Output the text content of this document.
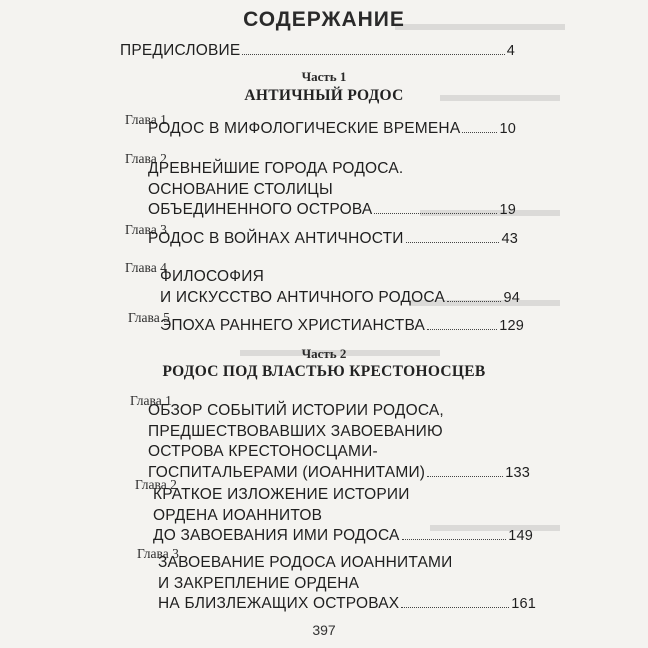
СОДЕРЖАНИЕ
ПРЕДИСЛОВИЕ	4
Часть 1
АНТИЧНЫЙ РОДОС
Глава 1
РОДОС В МИФОЛОГИЧЕСКИЕ ВРЕМЕНА	10
Глава 2
ДРЕВНЕЙШИЕ ГОРОДА РОДОСА.
ОСНОВАНИЕ СТОЛИЦЫ
ОБЪЕДИНЕННОГО ОСТРОВА	19
Глава 3
РОДОС В ВОЙНАХ АНТИЧНОСТИ	43
Глава 4
ФИЛОСОФИЯ
И ИСКУССТВО АНТИЧНОГО РОДОСА	94
Глава 5
ЭПОХА РАННЕГО ХРИСТИАНСТВА	129
Часть 2
РОДОС ПОД ВЛАСТЬЮ КРЕСТОНОСЦЕВ
Глава 1
ОБЗОР СОБЫТИЙ ИСТОРИИ РОДОСА,
ПРЕДШЕСТВОВАВШИХ ЗАВОЕВАНИЮ
ОСТРОВА КРЕСТОНОСЦАМИ-
ГОСПИТАЛЬЕРАМИ (ИОАННИТАМИ)	133
Глава 2
КРАТКОЕ ИЗЛОЖЕНИЕ ИСТОРИИ
ОРДЕНА ИОАННИТОВ
ДО ЗАВОЕВАНИЯ ИМИ РОДОСА	149
Глава 3
ЗАВОЕВАНИЕ РОДОСА ИОАННИТАМИ
И ЗАКРЕПЛЕНИЕ ОРДЕНА
НА БЛИЗЛЕЖАЩИХ ОСТРОВАХ	161
397
